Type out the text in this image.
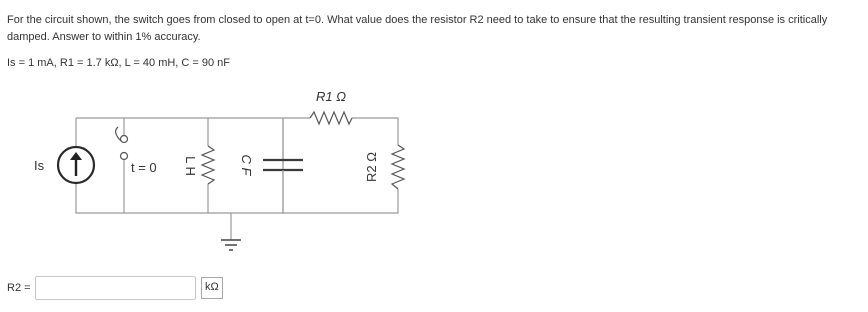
For the circuit shown, the switch goes from closed to open at t=0. What value does the resistor R2 need to take to ensure that the resulting transient response is critically damped. Answer to within 1% accuracy.
Is = 1 mA, R1 = 1.7 kΩ, L = 40 mH, C = 90 nF
Is	t = 0 L H	C F
R1 Ω
R2 Ω
R2 =	kΩ
